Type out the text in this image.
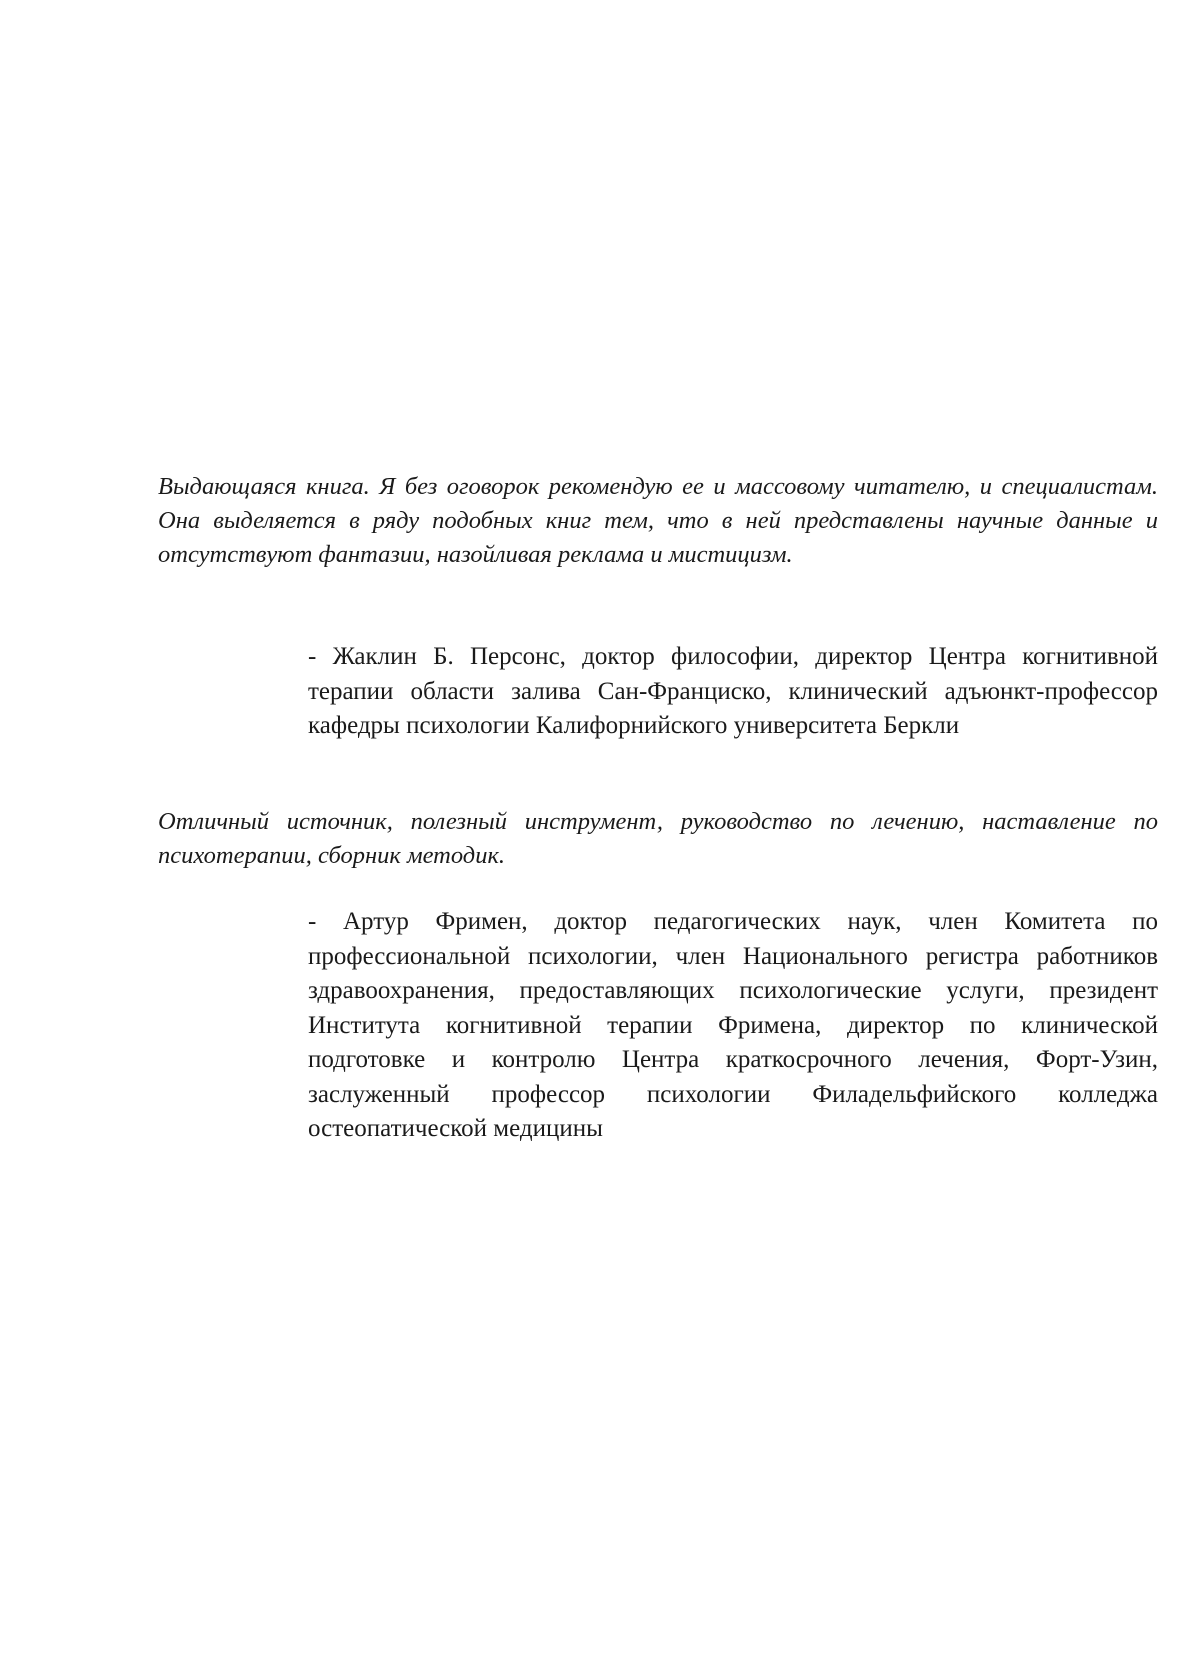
Выдающаяся книга. Я без оговорок рекомендую ее и массовому читателю, и специалистам. Она выделяется в ряду подобных книг тем, что в ней представлены научные данные и отсутствуют фантазии, назойливая реклама и мистицизм.

- Жаклин Б. Персонс, доктор философии, директор Центра когнитивной терапии области залива Сан-Франциско, клинический адъюнкт-профессор кафедры психологии Калифорнийского университета Беркли

Отличный источник, полезный инструмент, руководство по лечению, наставление по психотерапии, сборник методик.

- Артур Фримен, доктор педагогических наук, член Комитета по профессиональной психологии, член Национального регистра работников здравоохранения, предоставляющих психологические услуги, президент Института когнитивной терапии Фримена, директор по клинической подготовке и контролю Центра краткосрочного лечения, Форт-Узин, заслуженный профессор психологии Филадельфийского колледжа остеопатической медицины
